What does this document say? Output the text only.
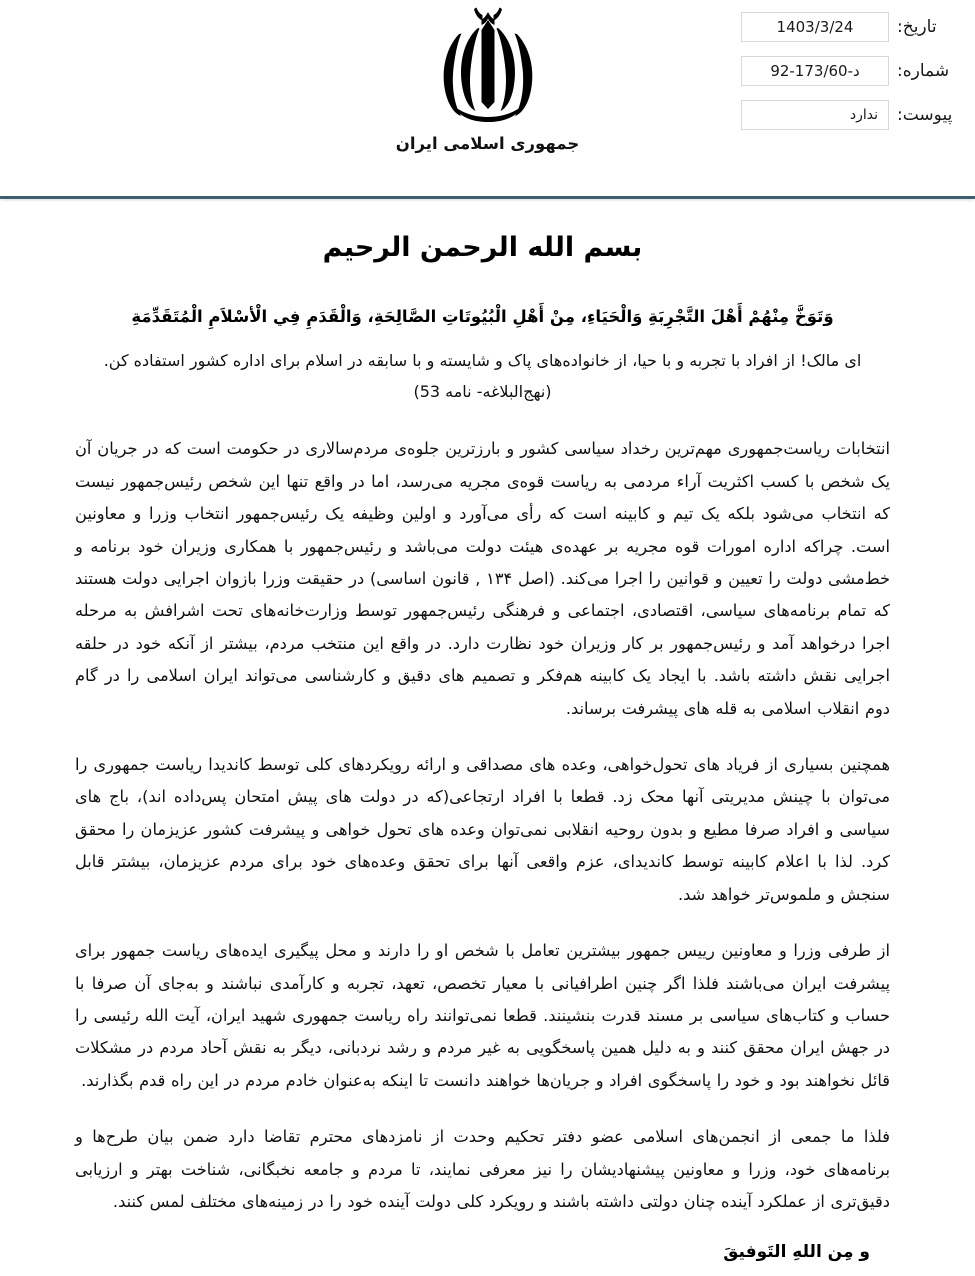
تاریخ:
1403/3/24
شماره:
92-173/60-د
پیوست:
ندارد
جمهوری اسلامی ایران
بسم الله الرحمن الرحیم
وَتَوَخَّ مِنْهُمْ أَهْلَ التَّجْرِبَةِ وَالْحَیَاءِ، مِنْ أَهْلِ الْبُیُوتَاتِ الصَّالِحَةِ، وَالْقَدَمِ فِي الْأسْلاَمِ الْمُتَقَدِّمَةِ
ای مالک! از افراد با تجربه و با حیا، از خانواده‌های پاک و شایسته و با سابقه در اسلام برای اداره کشور استفاده کن.(نهج‌البلاغه- نامه 53)

انتخابات ریاست‌جمهوری مهم‌ترین رخداد سیاسی کشور و بارزترین جلوه‌ی مردم‌سالاری در حکومت است که در جریان آن یک شخص با کسب اکثریت آراء مردمی به ریاست قوه‌ی مجریه می‌رسد، اما در واقع تنها این شخص رئیس‌جمهور نیست که انتخاب می‌شود بلکه یک تیم و کابینه است که رأی می‌آورد و اولین وظیفه یک رئیس‌جمهور انتخاب وزرا و معاونین است. چراکه اداره امورات قوه مجریه بر عهده‌ی هیئت دولت می‌باشد و رئیس‌جمهور با همکاری وزیران خود برنامه و خط‌مشی دولت را تعیین و قوانین را اجرا می‌کند. (اصل ۱۳۴ , قانون اساسی) در حقیقت وزرا بازوان اجرایی دولت هستند که تمام برنامه‌های سیاسی، اقتصادی، اجتماعی و فرهنگی رئیس‌جمهور توسط وزارت‌خانه‌های تحت اشرافش به مرحله اجرا درخواهد آمد و رئیس‌جمهور بر کار وزیران خود نظارت دارد. در واقع این منتخب مردم، بیشتر از آنکه خود در حلقه اجرایی نقش داشته باشد. با ایجاد یک کابینه هم‌فکر و تصمیم های دقیق و کارشناسی می‌تواند ایران اسلامی را در گام دوم انقلاب اسلامی به قله های پیشرفت برساند.

همچنین بسیاری از فریاد های تحول‌خواهی، وعده های مصداقی و ارائه رویکردهای کلی توسط کاندیدا ریاست جمهوری را می‌توان با چینش مدیریتی آنها محک زد. قطعا با افراد ارتجاعی(که در دولت های پیش امتحان پس‌داده اند)، باج های سیاسی و افراد صرفا مطیع و بدون روحیه انقلابی نمی‌توان وعده های تحول خواهی و پیشرفت کشور عزیزمان را محقق کرد. لذا با اعلام کابینه توسط کاندیدای، عزم واقعی آنها برای تحقق وعده‌های خود برای مردم عزیزمان، بیشتر قابل سنجش و ملموس‌تر خواهد شد.

از طرفی وزرا و معاونین رییس جمهور بیشترین تعامل با شخص او را دارند و محل پیگیری ایده‌های ریاست جمهور برای پیشرفت ایران می‌باشند فلذا اگر چنین اطرافیانی با معیار تخصص، تعهد، تجربه و کارآمدی نباشند و به‌جای آن صرفا با حساب و کتاب‌های سیاسی بر مسند قدرت بنشینند. قطعا نمی‌توانند راه ریاست جمهوری شهید ایران، آیت الله رئیسی را در جهش ایران محقق کنند و به دلیل همین پاسخگویی به غیر مردم و رشد نردبانی، دیگر به نقش آحاد مردم در مشکلات قائل نخواهند بود و خود را پاسخگوی افراد و جریان‌ها خواهند دانست تا اینکه به‌عنوان خادم مردم در این راه قدم بگذارند.

فلذا ما جمعی از انجمن‌های اسلامی عضو دفتر تحکیم وحدت از نامزدهای محترم تقاضا دارد ضمن بیان طرح‌ها و برنامه‌های خود، وزرا و معاونین پیشنهادیشان را نیز معرفی نمایند، تا مردم و جامعه نخبگانی، شناخت بهتر و ارزیابی دقیق‌تری از عملکرد آینده چنان دولتی داشته باشند و رویکرد کلی دولت آینده خود را در زمینه‌های مختلف لمس کنند.

و مِن اللهِ التَوفیقَ
